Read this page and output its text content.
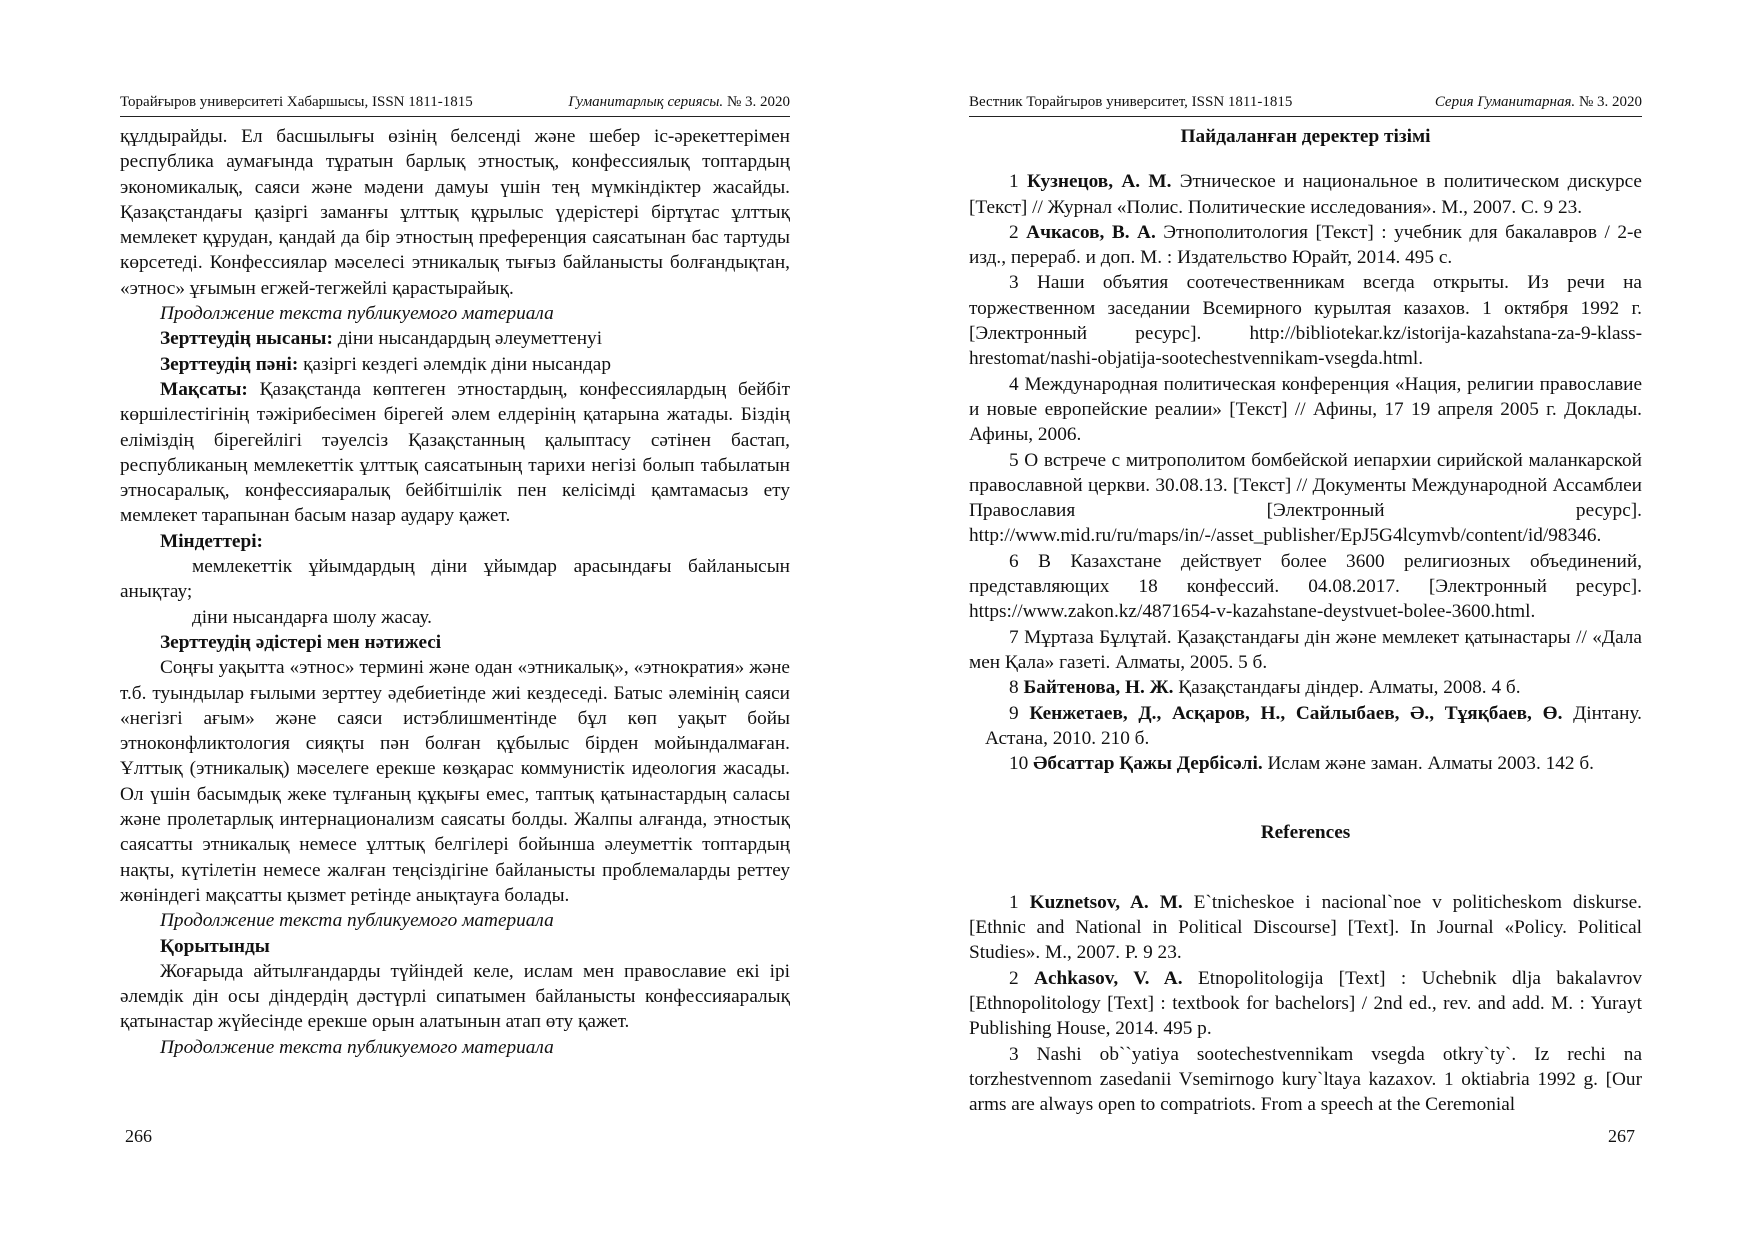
Торайғыров университеті Хабаршысы, ISSN 1811-1815	Гуманитарлық сериясы. № 3. 2020

құлдырайды. Ел басшылығы өзінің белсенді және шебер іс-әрекеттерімен республика аумағында тұратын барлық этностық, конфессиялық топтардың экономикалық, саяси және мәдени дамуы үшін тең мүмкіндіктер жасайды. Қазақстандағы қазіргі заманғы ұлттық құрылыс үдерістері біртұтас ұлттық мемлекет құрудан, қандай да бір этностың преференция саясатынан бас тартуды көрсетеді. Конфессиялар мәселесі этникалық тығыз байланысты болғандықтан, «этнос» ұғымын егжей-тегжейлі қарастырайық.

Продолжение текста публикуемого материала

Зерттеудің нысаны: діни нысандардың әлеуметтенуі

Зерттеудің пәні: қазіргі кездегі әлемдік діни нысандар

Мақсаты: Қазақстанда көптеген этностардың, конфессиялардың бейбіт көршілестігінің тәжірибесімен бірегей әлем елдерінің қатарына жатады. Біздің еліміздің бірегейлігі тәуелсіз Қазақстанның қалыптасу сәтінен бастап, республиканың мемлекеттік ұлттық саясатының тарихи негізі болып табылатын этносаралық, конфессияаралық бейбітшілік пен келісімді қамтамасыз ету мемлекет тарапынан басым назар аудару қажет.

Міндеттері:

мемлекеттік ұйымдардың діни ұйымдар арасындағы байланысын анықтау;

діни нысандарға шолу жасау.

Зерттеудің әдістері мен нәтижесі

Соңғы уақытта «этнос» термині және одан «этникалық», «этнократия» және т.б. туындылар ғылыми зерттеу әдебиетінде жиі кездеседі. Батыс әлемінің саяси «негізгі ағым» және саяси истэблишментінде бұл көп уақыт бойы этноконфликтология сияқты пән болған құбылыс бірден мойындалмаған. Ұлттық (этникалық) мәселеге ерекше көзқарас коммунистік идеология жасады. Ол үшін басымдық жеке тұлғаның құқығы емес, таптық қатынастардың саласы және пролетарлық интернационализм саясаты болды. Жалпы алғанда, этностық саясатты этникалық немесе ұлттық белгілері бойынша әлеуметтік топтардың нақты, күтілетін немесе жалған теңсіздігіне байланысты проблемаларды реттеу жөніндегі мақсатты қызмет ретінде анықтауға болады.

Продолжение текста публикуемого материала

Қорытынды

Жоғарыда айтылғандарды түйіндей келе, ислам мен православие екі ірі әлемдік дін осы діндердің дәстүрлі сипатымен байланысты конфессияаралық қатынастар жүйесінде ерекше орын алатынын атап өту қажет.

Продолжение текста публикуемого материала

266
Вестник Торайгыров университет, ISSN 1811-1815	Серия Гуманитарная. № 3. 2020

Пайдаланған деректер тізімі

1 Кузнецов, А. М. Этническое и национальное в политическом дискурсе [Текст] // Журнал «Полис. Политические исследования». М., 2007. С. 9 23.

2 Ачкасов, В. А. Этнополитология [Текст] : учебник для бакалавров / 2-е изд., перераб. и доп. М. : Издательство Юрайт, 2014. 495 с.

3 Наши объятия соотечественникам всегда открыты. Из речи на торжественном заседании Всемирного курылтая казахов. 1 октября 1992 г. [Электронный ресурс]. http://bibliotekar.kz/istorija-kazahstana-za-9-klass-hrestomat/nashi-objatija-sootechestvennikam-vsegda.html.

4 Международная политическая конференция «Нация, религии православие и новые европейские реалии» [Текст] // Афины, 17 19 апреля 2005 г. Доклады. Афины, 2006.

5 О встрече с митрополитом бомбейской иепархии сирийской маланкарской православной церкви. 30.08.13. [Текст] // Документы Международной Ассамблеи Православия [Электронный ресурс]. http://www.mid.ru/ru/maps/in/-/asset_publisher/EpJ5G4lcymvb/content/id/98346.

6 В Казахстане действует более 3600 религиозных объединений, представляющих 18 конфессий. 04.08.2017. [Электронный ресурс]. https://www.zakon.kz/4871654-v-kazahstane-deystvuet-bolee-3600.html.

7 Мұртаза Бұлұтай. Қазақстандағы дін және мемлекет қатынастары // «Дала мен Қала» газеті. Алматы, 2005. 5 б.

8 Байтенова, Н. Ж. Қазақстандағы діндер. Алматы, 2008. 4 б.

9 Кенжетаев, Д., Асқаров, Н., Сайлыбаев, Ә., Тұяқбаев, Ө. Дінтану. Астана, 2010. 210 б.

10 Әбсаттар Қажы Дербісәлі. Ислам және заман. Алматы 2003. 142 б.

References

1 Kuznetsov, A. M. E`tnicheskoe i nacional`noe v politicheskom diskurse. [Ethnic and National in Political Discourse] [Text]. In Journal «Policy. Political Studies». M., 2007. P. 9 23.

2 Achkasov, V. A. Etnopolitologija [Text] : Uchebnik dlja bakalavrov [Ethnopolitology [Text] : textbook for bachelors] / 2nd ed., rev. and add. M. : Yurayt Publishing House, 2014. 495 p.

3 Nashi ob``yatiya sootechestvennikam vsegda otkry`ty`. Iz rechi na torzhestvennom zasedanii Vsemirnogo kury`ltaya kazaxov. 1 oktiabria 1992 g. [Our arms are always open to compatriots. From a speech at the Ceremonial

267
